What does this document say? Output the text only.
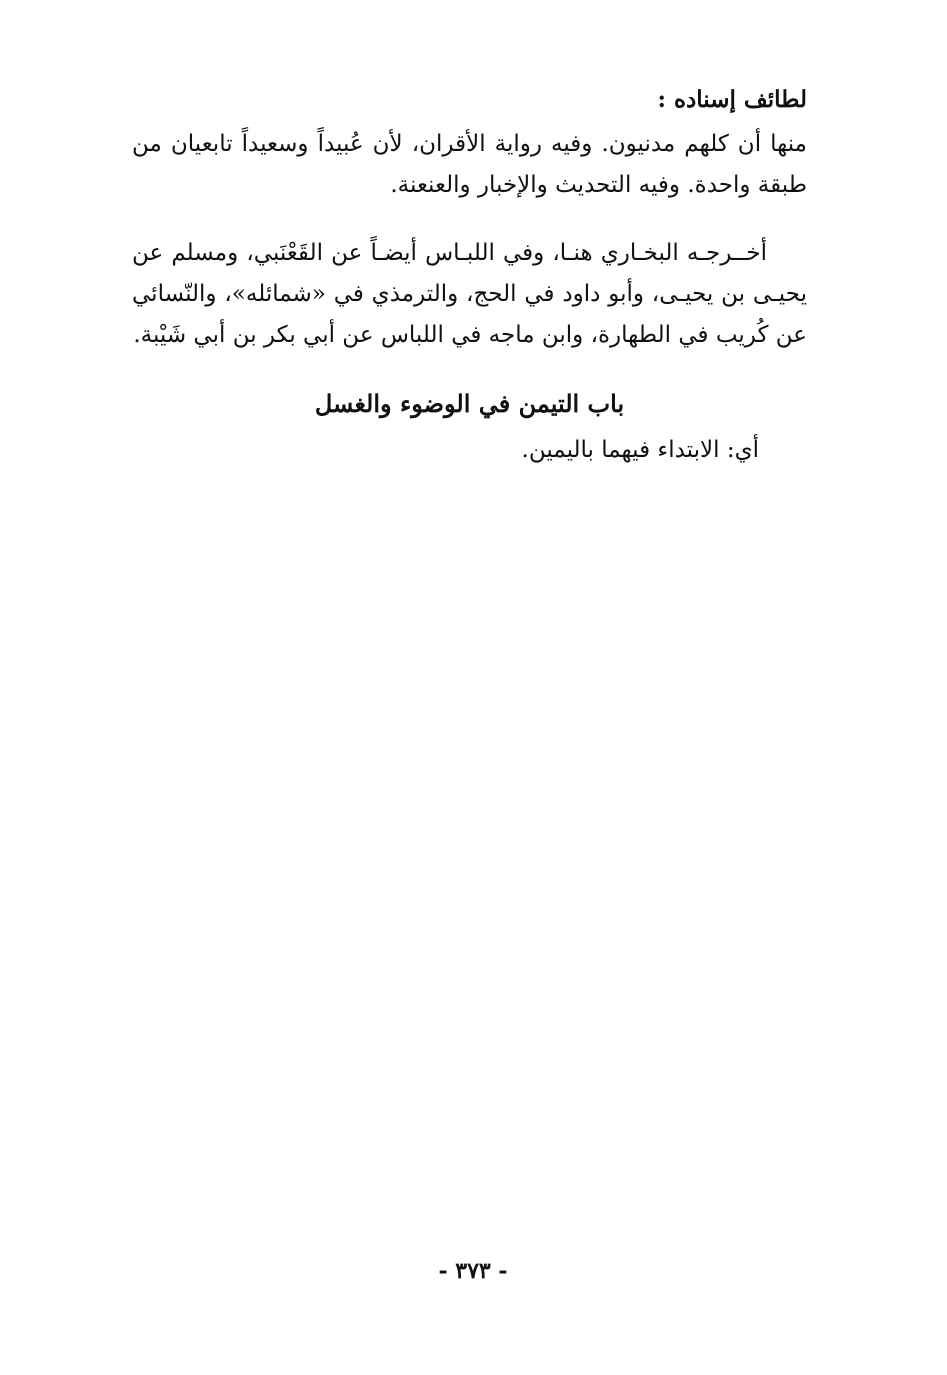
لطائف إسناده :

منها أن كلهم مدنيون. وفيه رواية الأقران، لأن عُبيداً وسعيداً تابعيان من طبقة واحدة. وفيه التحديث والإخبار والعنعنة.

أخــرجـه البخـاري هنـا، وفي اللبـاس أيضـاً عن القَعْنَبي، ومسلم عن يحيـى بن يحيـى، وأبو داود في الحج، والترمذي في «شمائله»، والنّسائي عن كُريب في الطهارة، وابن ماجه في اللباس عن أبي بكر بن أبي شَيْبة.

باب التيمن في الوضوء والغسل
أي: الابتداء فيهما باليمين.
- ٣٧٣ -
